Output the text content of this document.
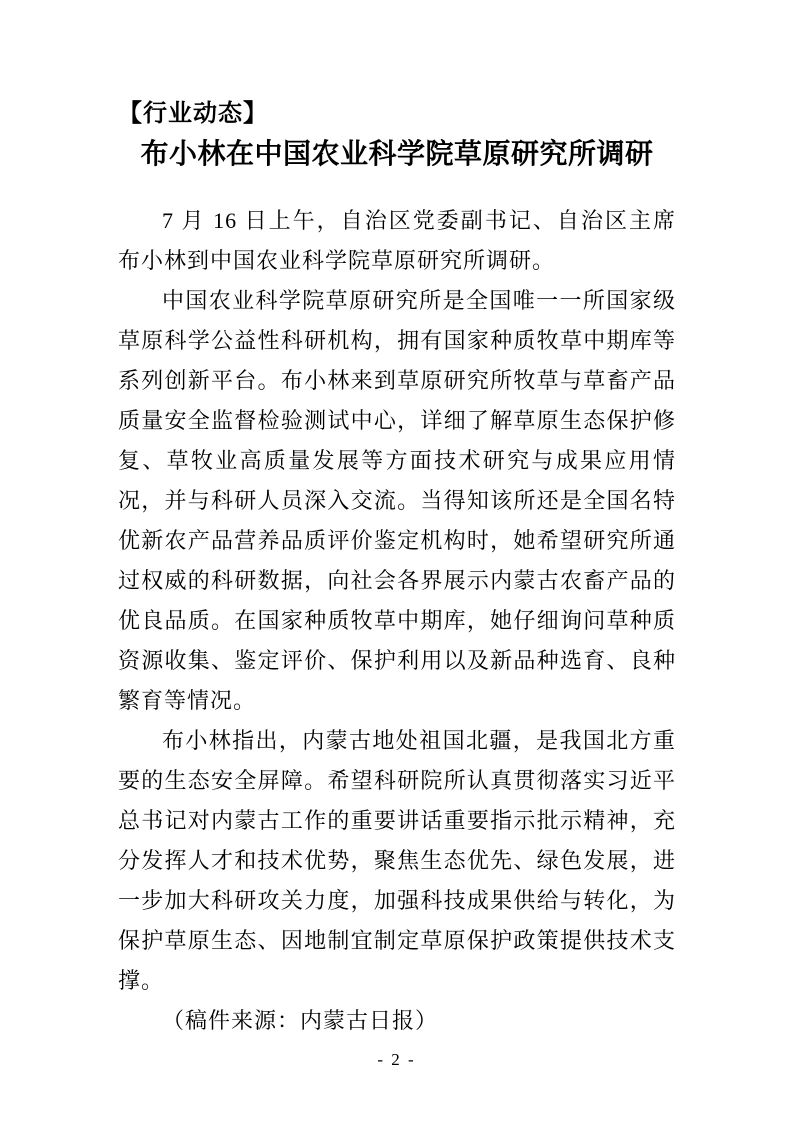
【行业动态】
布小林在中国农业科学院草原研究所调研

7 月 16 日上午，自治区党委副书记、自治区主席布小林到中国农业科学院草原研究所调研。

中国农业科学院草原研究所是全国唯一一所国家级草原科学公益性科研机构，拥有国家种质牧草中期库等系列创新平台。布小林来到草原研究所牧草与草畜产品质量安全监督检验测试中心，详细了解草原生态保护修复、草牧业高质量发展等方面技术研究与成果应用情况，并与科研人员深入交流。当得知该所还是全国名特优新农产品营养品质评价鉴定机构时，她希望研究所通过权威的科研数据，向社会各界展示内蒙古农畜产品的优良品质。在国家种质牧草中期库，她仔细询问草种质资源收集、鉴定评价、保护利用以及新品种选育、良种繁育等情况。

布小林指出，内蒙古地处祖国北疆，是我国北方重要的生态安全屏障。希望科研院所认真贯彻落实习近平总书记对内蒙古工作的重要讲话重要指示批示精神，充分发挥人才和技术优势，聚焦生态优先、绿色发展，进一步加大科研攻关力度，加强科技成果供给与转化，为保护草原生态、因地制宜制定草原保护政策提供技术支撑。

（稿件来源：内蒙古日报）

- 2 -
